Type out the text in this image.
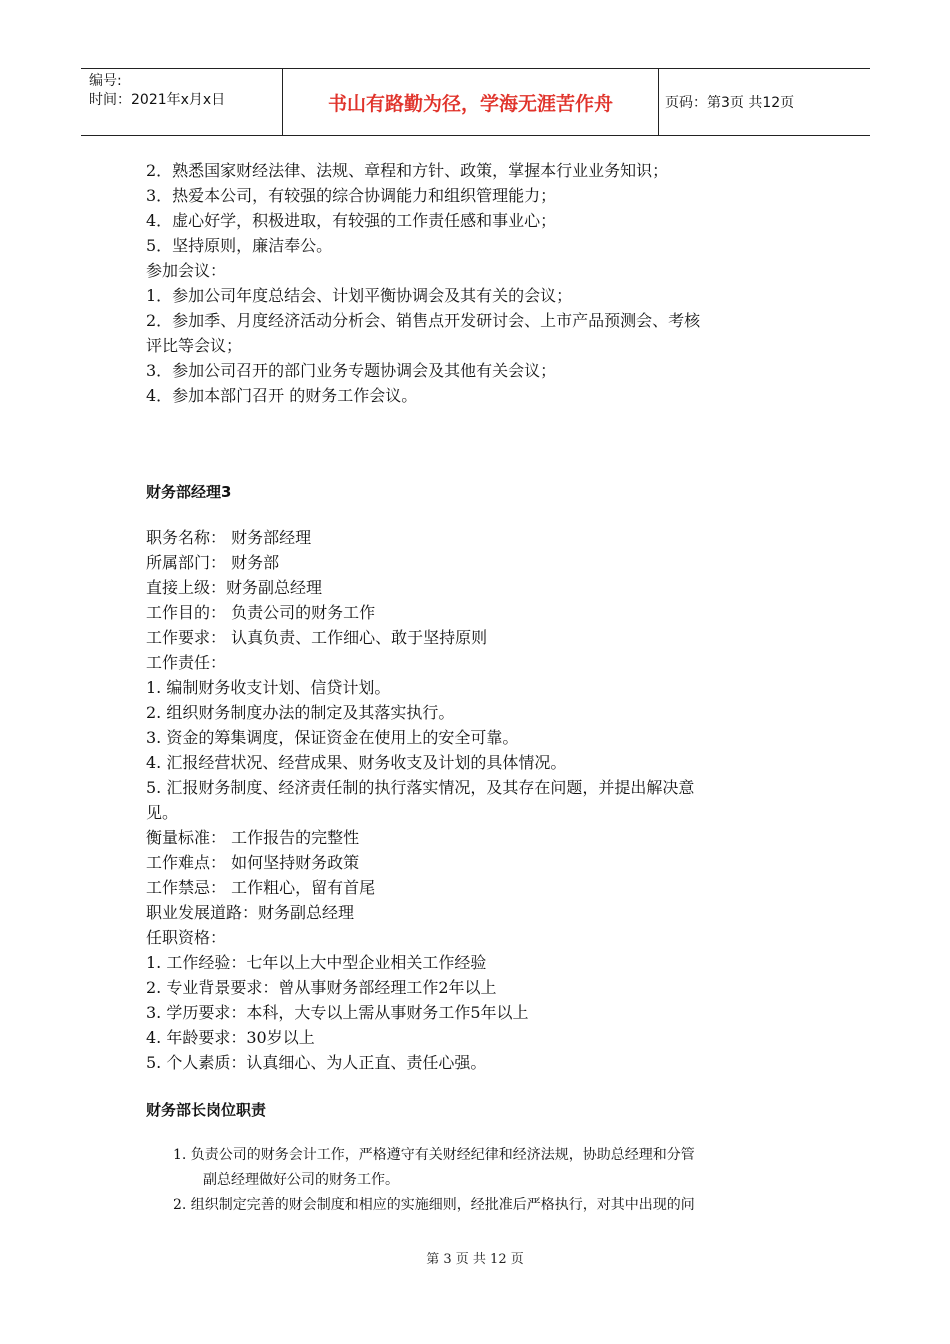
编号:
时间：2021年x月x日	书山有路勤为径，学海无涯苦作舟	页码：第3页 共12页
2．熟悉国家财经法律、法规、章程和方针、政策，掌握本行业业务知识；
3．热爱本公司，有较强的综合协调能力和组织管理能力；
4．虚心好学，积极进取，有较强的工作责任感和事业心；
5．坚持原则，廉洁奉公。
参加会议：
1．参加公司年度总结会、计划平衡协调会及其有关的会议；
2．参加季、月度经济活动分析会、销售点开发研讨会、上市产品预测会、考核
评比等会议；
3．参加公司召开的部门业务专题协调会及其他有关会议；
4．参加本部门召开 的财务工作会议。
财务部经理3
职务名称： 财务部经理
所属部门： 财务部
直接上级：财务副总经理
工作目的： 负责公司的财务工作
工作要求： 认真负责、工作细心、敢于坚持原则
工作责任：
1. 编制财务收支计划、信贷计划。
2. 组织财务制度办法的制定及其落实执行。
3. 资金的筹集调度，保证资金在使用上的安全可靠。
4. 汇报经营状况、经营成果、财务收支及计划的具体情况。
5. 汇报财务制度、经济责任制的执行落实情况，及其存在问题，并提出解决意
见。
衡量标准： 工作报告的完整性
工作难点： 如何坚持财务政策
工作禁忌： 工作粗心，留有首尾
职业发展道路：财务副总经理
任职资格：
1. 工作经验：七年以上大中型企业相关工作经验
2. 专业背景要求：曾从事财务部经理工作2年以上
3. 学历要求：本科，大专以上需从事财务工作5年以上
4. 年龄要求：30岁以上
5. 个人素质：认真细心、为人正直、责任心强。
财务部长岗位职责
1. 负责公司的财务会计工作，严格遵守有关财经纪律和经济法规，协助总经理和分管
副总经理做好公司的财务工作。
2. 组织制定完善的财会制度和相应的实施细则，经批准后严格执行，对其中出现的问
第 3 页 共 12 页
